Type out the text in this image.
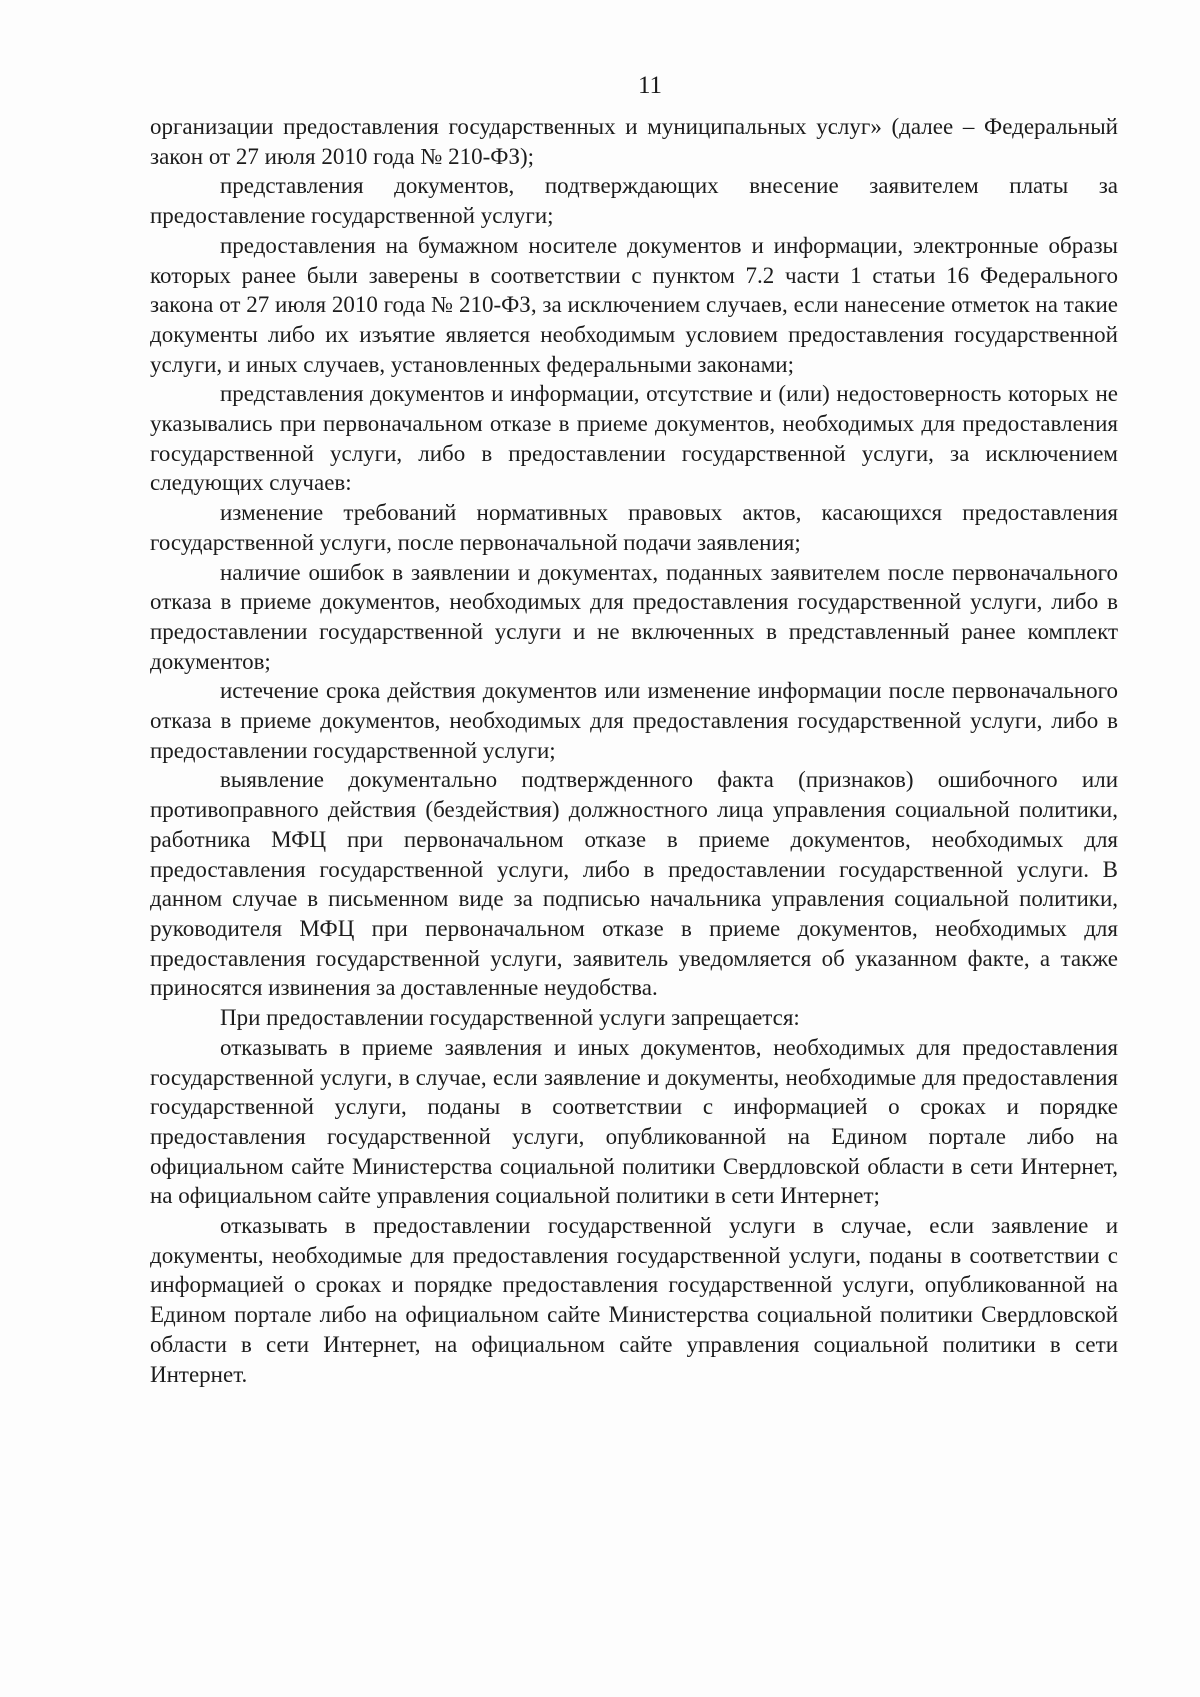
11

организации предоставления государственных и муниципальных услуг» (далее – Федеральный закон от 27 июля 2010 года № 210-ФЗ);

представления документов, подтверждающих внесение заявителем платы за предоставление государственной услуги;

предоставления на бумажном носителе документов и информации, электронные образы которых ранее были заверены в соответствии с пунктом 7.2 части 1 статьи 16 Федерального закона от 27 июля 2010 года № 210-ФЗ, за исключением случаев, если нанесение отметок на такие документы либо их изъятие является необходимым условием предоставления государственной услуги, и иных случаев, установленных федеральными законами;

представления документов и информации, отсутствие и (или) недостоверность которых не указывались при первоначальном отказе в приеме документов, необходимых для предоставления государственной услуги, либо в предоставлении государственной услуги, за исключением следующих случаев:

изменение требований нормативных правовых актов, касающихся предоставления государственной услуги, после первоначальной подачи заявления;

наличие ошибок в заявлении и документах, поданных заявителем после первоначального отказа в приеме документов, необходимых для предоставления государственной услуги, либо в предоставлении государственной услуги и не включенных в представленный ранее комплект документов;

истечение срока действия документов или изменение информации после первоначального отказа в приеме документов, необходимых для предоставления государственной услуги, либо в предоставлении государственной услуги;

выявление документально подтвержденного факта (признаков) ошибочного или противоправного действия (бездействия) должностного лица управления социальной политики, работника МФЦ при первоначальном отказе в приеме документов, необходимых для предоставления государственной услуги, либо в предоставлении государственной услуги. В данном случае в письменном виде за подписью начальника управления социальной политики, руководителя МФЦ при первоначальном отказе в приеме документов, необходимых для предоставления государственной услуги, заявитель уведомляется об указанном факте, а также приносятся извинения за доставленные неудобства.

При предоставлении государственной услуги запрещается:

отказывать в приеме заявления и иных документов, необходимых для предоставления государственной услуги, в случае, если заявление и документы, необходимые для предоставления государственной услуги, поданы в соответствии с информацией о сроках и порядке предоставления государственной услуги, опубликованной на Едином портале либо на официальном сайте Министерства социальной политики Свердловской области в сети Интернет, на официальном сайте управления социальной политики в сети Интернет;

отказывать в предоставлении государственной услуги в случае, если заявление и документы, необходимые для предоставления государственной услуги, поданы в соответствии с информацией о сроках и порядке предоставления государственной услуги, опубликованной на Едином портале либо на официальном сайте Министерства социальной политики Свердловской области в сети Интернет, на официальном сайте управления социальной политики в сети Интернет.
